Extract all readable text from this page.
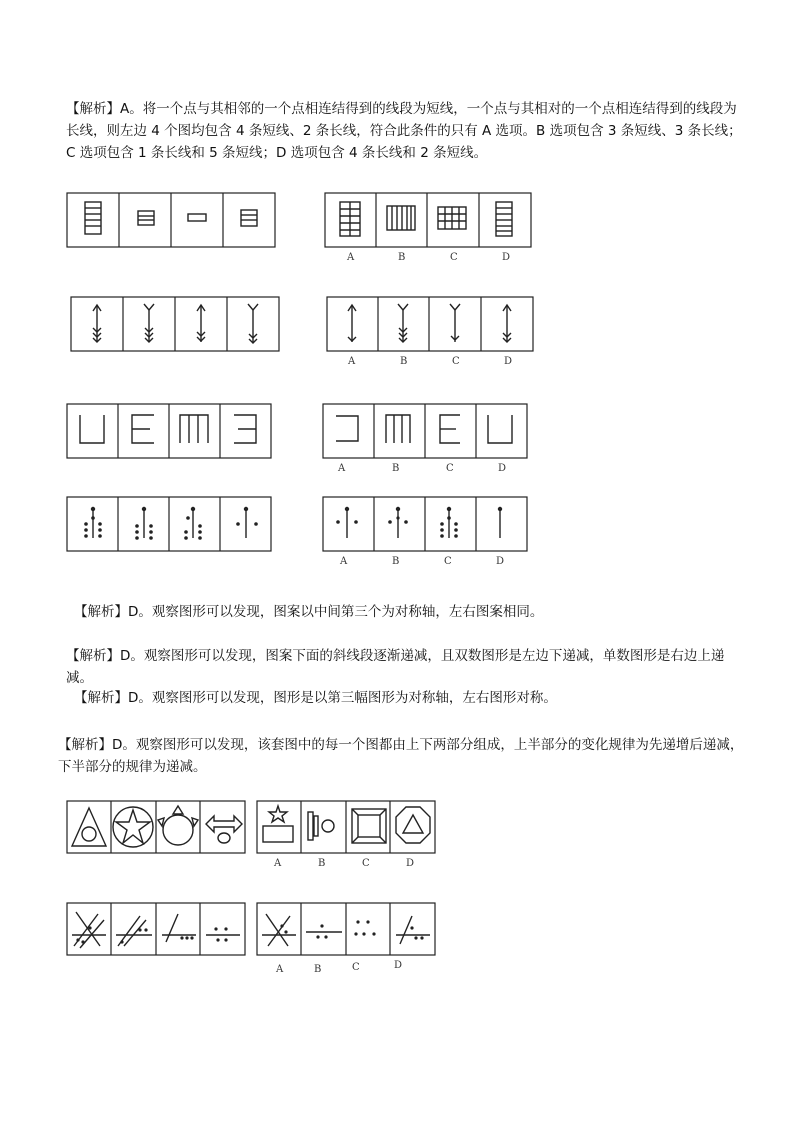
【解析】A。将一个点与其相邻的一个点相连结得到的线段为短线，一个点与其相对的一个点相连结得到的线段为长线，则左边 4 个图均包含 4 条短线、2 条长线，符合此条件的只有 A 选项。B 选项包含 3 条短线、3 条长线；C 选项包含 1 条长线和 5 条短线；D 选项包含 4 条长线和 2 条短线。
A	B	C	D
A	B	C	D
A	B	C	D
A	B	C	D
【解析】D。观察图形可以发现，图案以中间第三个为对称轴，左右图案相同。
【解析】D。观察图形可以发现，图案下面的斜线段逐渐递减，且双数图形是左边下递减，单数图形是右边上递减。
【解析】D。观察图形可以发现，图形是以第三幅图形为对称轴，左右图形对称。
【解析】D。观察图形可以发现，该套图中的每一个图都由上下两部分组成，上半部分的变化规律为先递增后递减，下半部分的规律为递减。
A	B	C	D
A	B	C	D
